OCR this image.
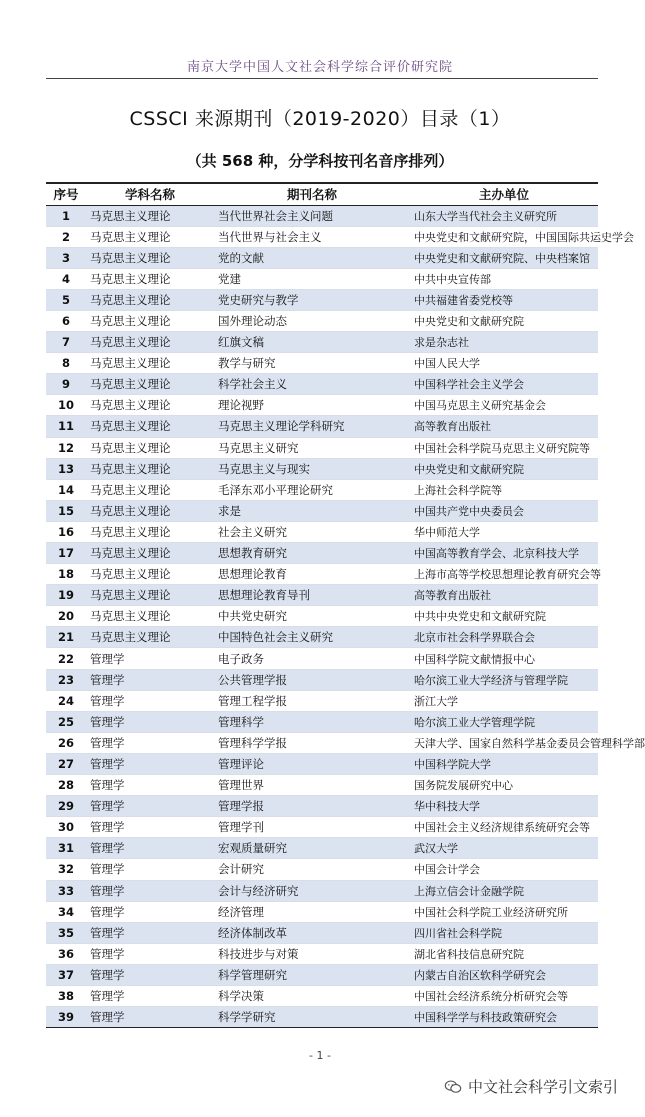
南京大学中国人文社会科学综合评价研究院
CSSCI 来源期刊（2019-2020）目录（1）
（共 568 种，分学科按刊名音序排列）
序号	学科名称	期刊名称	主办单位
1	马克思主义理论	当代世界社会主义问题	山东大学当代社会主义研究所
2	马克思主义理论	当代世界与社会主义	中央党史和文献研究院，中国国际共运史学会
3	马克思主义理论	党的文献	中央党史和文献研究院、中央档案馆
4	马克思主义理论	党建	中共中央宣传部
5	马克思主义理论	党史研究与教学	中共福建省委党校等
6	马克思主义理论	国外理论动态	中央党史和文献研究院
7	马克思主义理论	红旗文稿	求是杂志社
8	马克思主义理论	教学与研究	中国人民大学
9	马克思主义理论	科学社会主义	中国科学社会主义学会
10	马克思主义理论	理论视野	中国马克思主义研究基金会
11	马克思主义理论	马克思主义理论学科研究	高等教育出版社
12	马克思主义理论	马克思主义研究	中国社会科学院马克思主义研究院等
13	马克思主义理论	马克思主义与现实	中央党史和文献研究院
14	马克思主义理论	毛泽东邓小平理论研究	上海社会科学院等
15	马克思主义理论	求是	中国共产党中央委员会
16	马克思主义理论	社会主义研究	华中师范大学
17	马克思主义理论	思想教育研究	中国高等教育学会、北京科技大学
18	马克思主义理论	思想理论教育	上海市高等学校思想理论教育研究会等
19	马克思主义理论	思想理论教育导刊	高等教育出版社
20	马克思主义理论	中共党史研究	中共中央党史和文献研究院
21	马克思主义理论	中国特色社会主义研究	北京市社会科学界联合会
22	管理学	电子政务	中国科学院文献情报中心
23	管理学	公共管理学报	哈尔滨工业大学经济与管理学院
24	管理学	管理工程学报	浙江大学
25	管理学	管理科学	哈尔滨工业大学管理学院
26	管理学	管理科学学报	天津大学、国家自然科学基金委员会管理科学部
27	管理学	管理评论	中国科学院大学
28	管理学	管理世界	国务院发展研究中心
29	管理学	管理学报	华中科技大学
30	管理学	管理学刊	中国社会主义经济规律系统研究会等
31	管理学	宏观质量研究	武汉大学
32	管理学	会计研究	中国会计学会
33	管理学	会计与经济研究	上海立信会计金融学院
34	管理学	经济管理	中国社会科学院工业经济研究所
35	管理学	经济体制改革	四川省社会科学院
36	管理学	科技进步与对策	湖北省科技信息研究院
37	管理学	科学管理研究	内蒙古自治区软科学研究会
38	管理学	科学决策	中国社会经济系统分析研究会等
39	管理学	科学学研究	中国科学学与科技政策研究会
- 1 -
中文社会科学引文索引
